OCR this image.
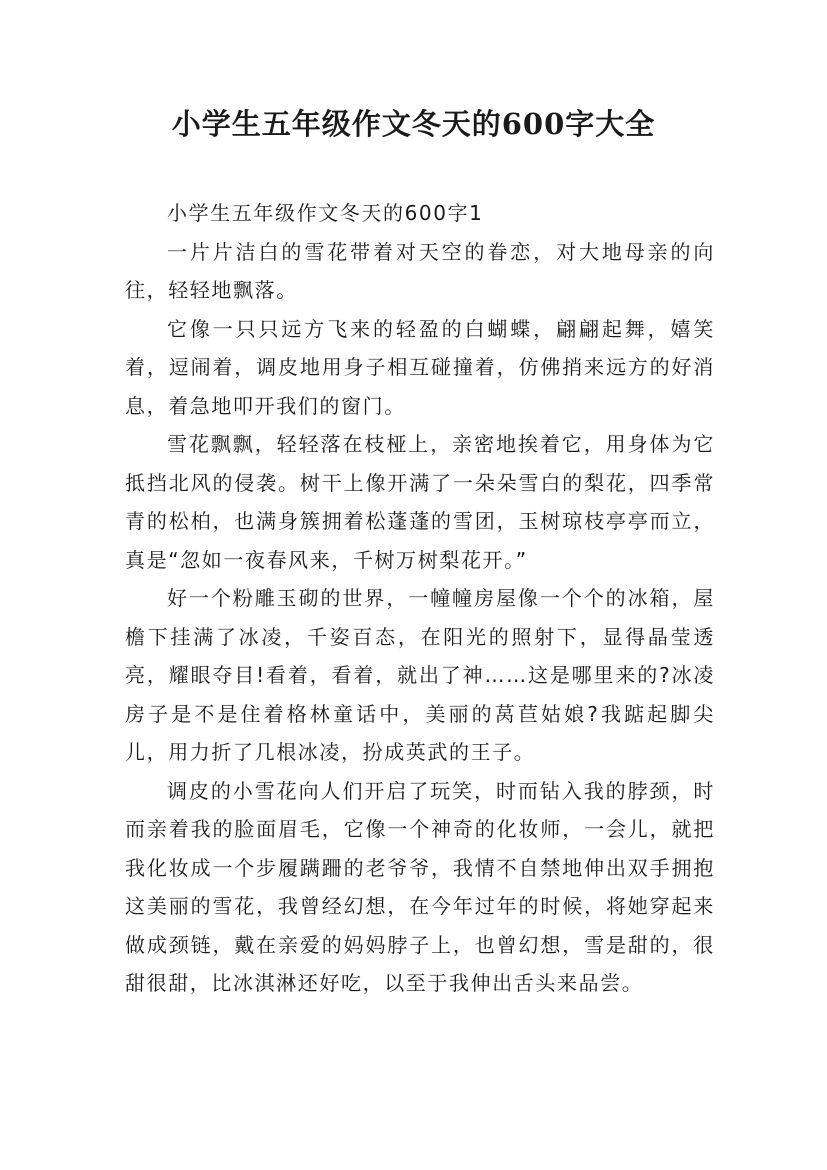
小学生五年级作文冬天的600字大全

小学生五年级作文冬天的600字1

一片片洁白的雪花带着对天空的眷恋，对大地母亲的向往，轻轻地飘落。

它像一只只远方飞来的轻盈的白蝴蝶，翩翩起舞，嬉笑着，逗闹着，调皮地用身子相互碰撞着，仿佛捎来远方的好消息，着急地叩开我们的窗门。

雪花飘飘，轻轻落在枝桠上，亲密地挨着它，用身体为它抵挡北风的侵袭。树干上像开满了一朵朵雪白的梨花，四季常青的松柏，也满身簇拥着松蓬蓬的雪团，玉树琼枝亭亭而立，真是“忽如一夜春风来，千树万树梨花开。”

好一个粉雕玉砌的世界，一幢幢房屋像一个个的冰箱，屋檐下挂满了冰凌，千姿百态，在阳光的照射下，显得晶莹透亮，耀眼夺目!看着，看着，就出了神……这是哪里来的?冰凌房子是不是住着格林童话中，美丽的莴苣姑娘?我踮起脚尖儿，用力折了几根冰凌，扮成英武的王子。

调皮的小雪花向人们开启了玩笑，时而钻入我的脖颈，时而亲着我的脸面眉毛，它像一个神奇的化妆师，一会儿，就把我化妆成一个步履蹒跚的老爷爷，我情不自禁地伸出双手拥抱这美丽的雪花，我曾经幻想，在今年过年的时候，将她穿起来做成颈链，戴在亲爱的妈妈脖子上，也曾幻想，雪是甜的，很甜很甜，比冰淇淋还好吃，以至于我伸出舌头来品尝。
